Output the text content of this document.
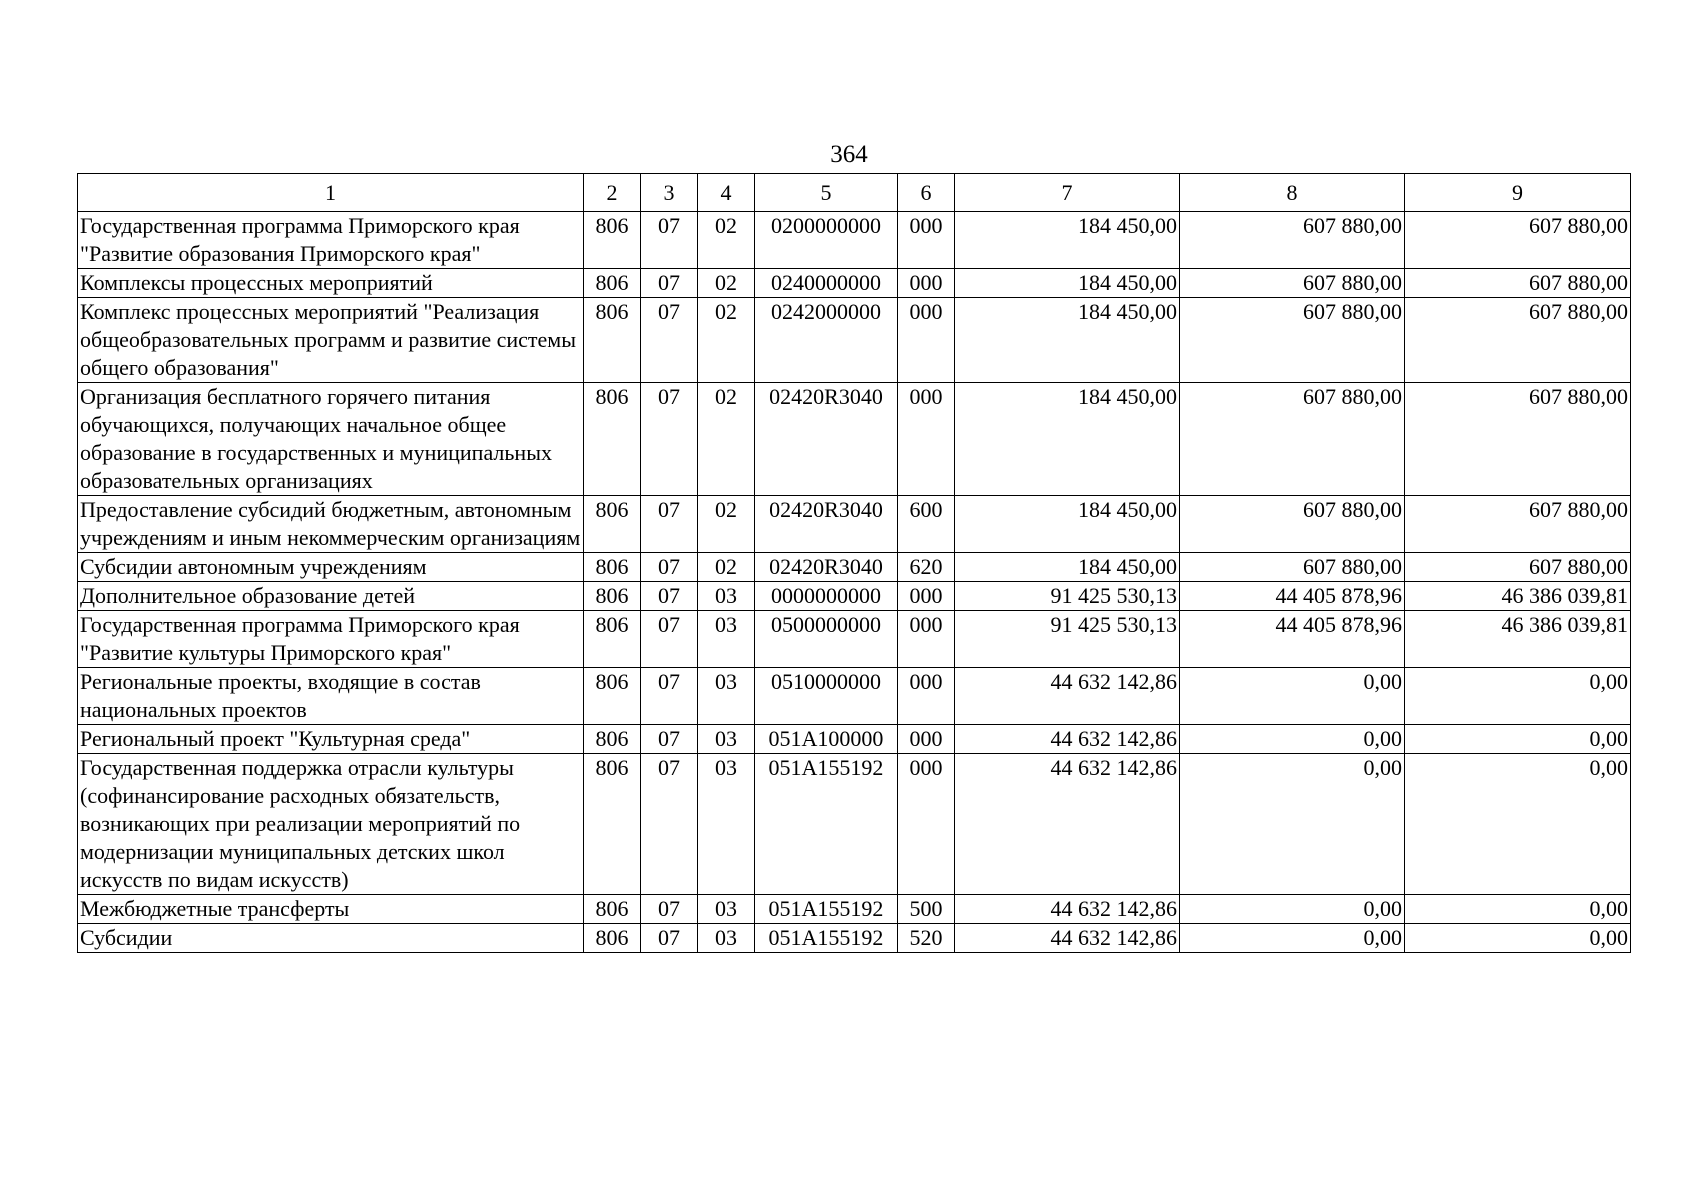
364
1	2	3	4	5	6	7	8	9
Государственная программа Приморского края "Развитие образования Приморского края"	806	07	02	0200000000	000	184 450,00	607 880,00	607 880,00
Комплексы процессных мероприятий	806	07	02	0240000000	000	184 450,00	607 880,00	607 880,00
Комплекс процессных мероприятий "Реализация общеобразовательных программ и развитие системы общего образования"	806	07	02	0242000000	000	184 450,00	607 880,00	607 880,00
Организация бесплатного горячего питания обучающихся, получающих начальное общее образование в государственных и муниципальных образовательных организациях	806	07	02	02420R3040	000	184 450,00	607 880,00	607 880,00
Предоставление субсидий бюджетным, автономным учреждениям и иным некоммерческим организациям	806	07	02	02420R3040	600	184 450,00	607 880,00	607 880,00
Субсидии автономным учреждениям	806	07	02	02420R3040	620	184 450,00	607 880,00	607 880,00
Дополнительное образование детей	806	07	03	0000000000	000	91 425 530,13	44 405 878,96	46 386 039,81
Государственная программа Приморского края "Развитие культуры Приморского края"	806	07	03	0500000000	000	91 425 530,13	44 405 878,96	46 386 039,81
Региональные проекты, входящие в состав национальных проектов	806	07	03	0510000000	000	44 632 142,86	0,00	0,00
Региональный проект "Культурная среда"	806	07	03	051А100000	000	44 632 142,86	0,00	0,00
Государственная поддержка отрасли культуры (софинансирование расходных обязательств, возникающих при реализации мероприятий по модернизации муниципальных детских школ искусств по видам искусств)	806	07	03	051А155192	000	44 632 142,86	0,00	0,00
Межбюджетные трансферты	806	07	03	051А155192	500	44 632 142,86	0,00	0,00
Субсидии	806	07	03	051А155192	520	44 632 142,86	0,00	0,00
